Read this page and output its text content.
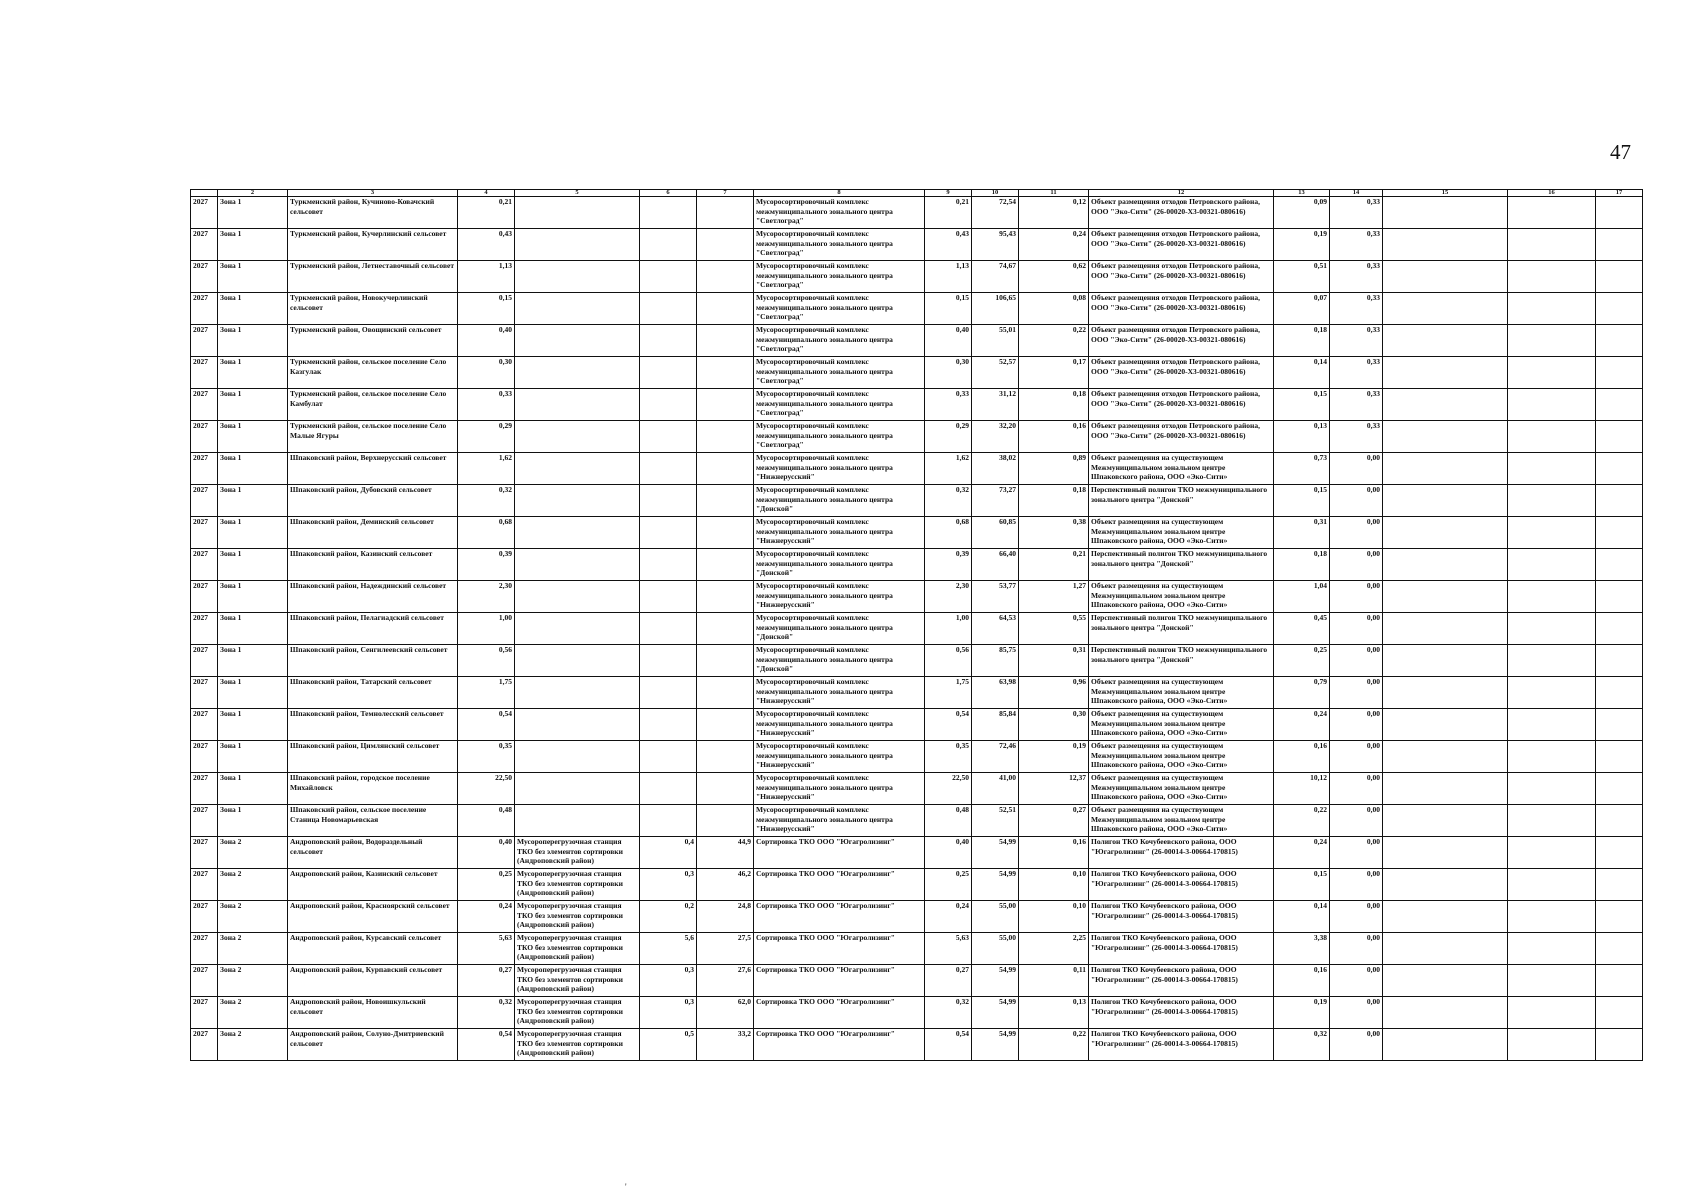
47
	2	3	4	5	6	7	8	9	10	11	12	13	14	15	16	17
2027	Зона 1	Туркменский район, Кучиново-Ковачский сельсовет	0,21				Мусоросортировочный комплекс межмуниципального зонального центра "Светлоград"	0,21	72,54	0,12	Объект размещения отходов Петровского района, ООО "Эко-Сити" (26-00020-Х3-00321-080616)	0,09	0,33			
2027	Зона 1	Туркменский район, Кучерлинский сельсовет	0,43				Мусоросортировочный комплекс межмуниципального зонального центра "Светлоград"	0,43	95,43	0,24	Объект размещения отходов Петровского района, ООО "Эко-Сити" (26-00020-Х3-00321-080616)	0,19	0,33			
2027	Зона 1	Туркменский район, Летнеставочный сельсовет	1,13				Мусоросортировочный комплекс межмуниципального зонального центра "Светлоград"	1,13	74,67	0,62	Объект размещения отходов Петровского района, ООО "Эко-Сити" (26-00020-Х3-00321-080616)	0,51	0,33			
2027	Зона 1	Туркменский район, Новокучерлинский сельсовет	0,15				Мусоросортировочный комплекс межмуниципального зонального центра "Светлоград"	0,15	106,65	0,08	Объект размещения отходов Петровского района, ООО "Эко-Сити" (26-00020-Х3-00321-080616)	0,07	0,33			
2027	Зона 1	Туркменский район, Овощинский сельсовет	0,40				Мусоросортировочный комплекс межмуниципального зонального центра "Светлоград"	0,40	55,01	0,22	Объект размещения отходов Петровского района, ООО "Эко-Сити" (26-00020-Х3-00321-080616)	0,18	0,33			
2027	Зона 1	Туркменский район, сельское поселение Село Казгулак	0,30				Мусоросортировочный комплекс межмуниципального зонального центра "Светлоград"	0,30	52,57	0,17	Объект размещения отходов Петровского района, ООО "Эко-Сити" (26-00020-Х3-00321-080616)	0,14	0,33			
2027	Зона 1	Туркменский район, сельское поселение Село Камбулат	0,33				Мусоросортировочный комплекс межмуниципального зонального центра "Светлоград"	0,33	31,12	0,18	Объект размещения отходов Петровского района, ООО "Эко-Сити" (26-00020-Х3-00321-080616)	0,15	0,33			
2027	Зона 1	Туркменский район, сельское поселение Село Малые Ягуры	0,29				Мусоросортировочный комплекс межмуниципального зонального центра "Светлоград"	0,29	32,20	0,16	Объект размещения отходов Петровского района, ООО "Эко-Сити" (26-00020-Х3-00321-080616)	0,13	0,33			
2027	Зона 1	Шпаковский район, Верхнерусский сельсовет	1,62				Мусоросортировочный комплекс межмуниципального зонального центра "Нижнерусский"	1,62	38,02	0,89	Объект размещения на существующем Межмуниципальном зональном центре Шпаковского района, ООО «Эко-Сити»	0,73	0,00			
2027	Зона 1	Шпаковский район, Дубовский сельсовет	0,32				Мусоросортировочный комплекс межмуниципального зонального центра "Донской"	0,32	73,27	0,18	Перспективный полигон ТКО межмуниципального зонального центра "Донской"	0,15	0,00			
2027	Зона 1	Шпаковский район, Деминский сельсовет	0,68				Мусоросортировочный комплекс межмуниципального зонального центра "Нижнерусский"	0,68	60,85	0,38	Объект размещения на существующем Межмуниципальном зональном центре Шпаковского района, ООО «Эко-Сити»	0,31	0,00			
2027	Зона 1	Шпаковский район, Казинский сельсовет	0,39				Мусоросортировочный комплекс межмуниципального зонального центра "Донской"	0,39	66,40	0,21	Перспективный полигон ТКО межмуниципального зонального центра "Донской"	0,18	0,00			
2027	Зона 1	Шпаковский район, Надеждинский сельсовет	2,30				Мусоросортировочный комплекс межмуниципального зонального центра "Нижнерусский"	2,30	53,77	1,27	Объект размещения на существующем Межмуниципальном зональном центре Шпаковского района, ООО «Эко-Сити»	1,04	0,00			
2027	Зона 1	Шпаковский район, Пелагиадский сельсовет	1,00				Мусоросортировочный комплекс межмуниципального зонального центра "Донской"	1,00	64,53	0,55	Перспективный полигон ТКО межмуниципального зонального центра "Донской"	0,45	0,00			
2027	Зона 1	Шпаковский район, Сенгилеевский сельсовет	0,56				Мусоросортировочный комплекс межмуниципального зонального центра "Донской"	0,56	85,75	0,31	Перспективный полигон ТКО межмуниципального зонального центра "Донской"	0,25	0,00			
2027	Зона 1	Шпаковский район, Татарский сельсовет	1,75				Мусоросортировочный комплекс межмуниципального зонального центра "Нижнерусский"	1,75	63,98	0,96	Объект размещения на существующем Межмуниципальном зональном центре Шпаковского района, ООО «Эко-Сити»	0,79	0,00			
2027	Зона 1	Шпаковский район, Темнолесский сельсовет	0,54				Мусоросортировочный комплекс межмуниципального зонального центра "Нижнерусский"	0,54	85,84	0,30	Объект размещения на существующем Межмуниципальном зональном центре Шпаковского района, ООО «Эко-Сити»	0,24	0,00			
2027	Зона 1	Шпаковский район, Цимлянский сельсовет	0,35				Мусоросортировочный комплекс межмуниципального зонального центра "Нижнерусский"	0,35	72,46	0,19	Объект размещения на существующем Межмуниципальном зональном центре Шпаковского района, ООО «Эко-Сити»	0,16	0,00			
2027	Зона 1	Шпаковский район, городское поселение Михайловск	22,50				Мусоросортировочный комплекс межмуниципального зонального центра "Нижнерусский"	22,50	41,00	12,37	Объект размещения на существующем Межмуниципальном зональном центре Шпаковского района, ООО «Эко-Сити»	10,12	0,00			
2027	Зона 1	Шпаковский район, сельское поселение Станица Новомарьевская	0,48				Мусоросортировочный комплекс межмуниципального зонального центра "Нижнерусский"	0,48	52,51	0,27	Объект размещения на существующем Межмуниципальном зональном центре Шпаковского района, ООО «Эко-Сити»	0,22	0,00			
2027	Зона 2	Андроповский район, Водораздельный сельсовет	0,40	Мусороперегрузочная станция ТКО без элементов сортировки (Андроповский район)	0,4	44,9	Сортировка ТКО ООО "Югагролизинг"	0,40	54,99	0,16	Полигон ТКО Кочубеевского района, ООО "Югагролизинг" (26-00014-3-00664-170815)	0,24	0,00			
2027	Зона 2	Андроповский район, Казинский сельсовет	0,25	Мусороперегрузочная станция ТКО без элементов сортировки (Андроповский район)	0,3	46,2	Сортировка ТКО ООО "Югагролизинг"	0,25	54,99	0,10	Полигон ТКО Кочубеевского района, ООО "Югагролизинг" (26-00014-3-00664-170815)	0,15	0,00			
2027	Зона 2	Андроповский район, Красноярский сельсовет	0,24	Мусороперегрузочная станция ТКО без элементов сортировки (Андроповский район)	0,2	24,8	Сортировка ТКО ООО "Югагролизинг"	0,24	55,00	0,10	Полигон ТКО Кочубеевского района, ООО "Югагролизинг" (26-00014-3-00664-170815)	0,14	0,00			
2027	Зона 2	Андроповский район, Курсавский сельсовет	5,63	Мусороперегрузочная станция ТКО без элементов сортировки (Андроповский район)	5,6	27,5	Сортировка ТКО ООО "Югагролизинг"	5,63	55,00	2,25	Полигон ТКО Кочубеевского района, ООО "Югагролизинг" (26-00014-3-00664-170815)	3,38	0,00			
2027	Зона 2	Андроповский район, Курпавский сельсовет	0,27	Мусороперегрузочная станция ТКО без элементов сортировки (Андроповский район)	0,3	27,6	Сортировка ТКО ООО "Югагролизинг"	0,27	54,99	0,11	Полигон ТКО Кочубеевского района, ООО "Югагролизинг" (26-00014-3-00664-170815)	0,16	0,00			
2027	Зона 2	Андроповский район, Новоишкульский сельсовет	0,32	Мусороперегрузочная станция ТКО без элементов сортировки (Андроповский район)	0,3	62,0	Сортировка ТКО ООО "Югагролизинг"	0,32	54,99	0,13	Полигон ТКО Кочубеевского района, ООО "Югагролизинг" (26-00014-3-00664-170815)	0,19	0,00			
2027	Зона 2	Андроповский район, Солуно-Дмитриевский сельсовет	0,54	Мусороперегрузочная станция ТКО без элементов сортировки (Андроповский район)	0,5	33,2	Сортировка ТКО ООО "Югагролизинг"	0,54	54,99	0,22	Полигон ТКО Кочубеевского района, ООО "Югагролизинг" (26-00014-3-00664-170815)	0,32	0,00			
'
